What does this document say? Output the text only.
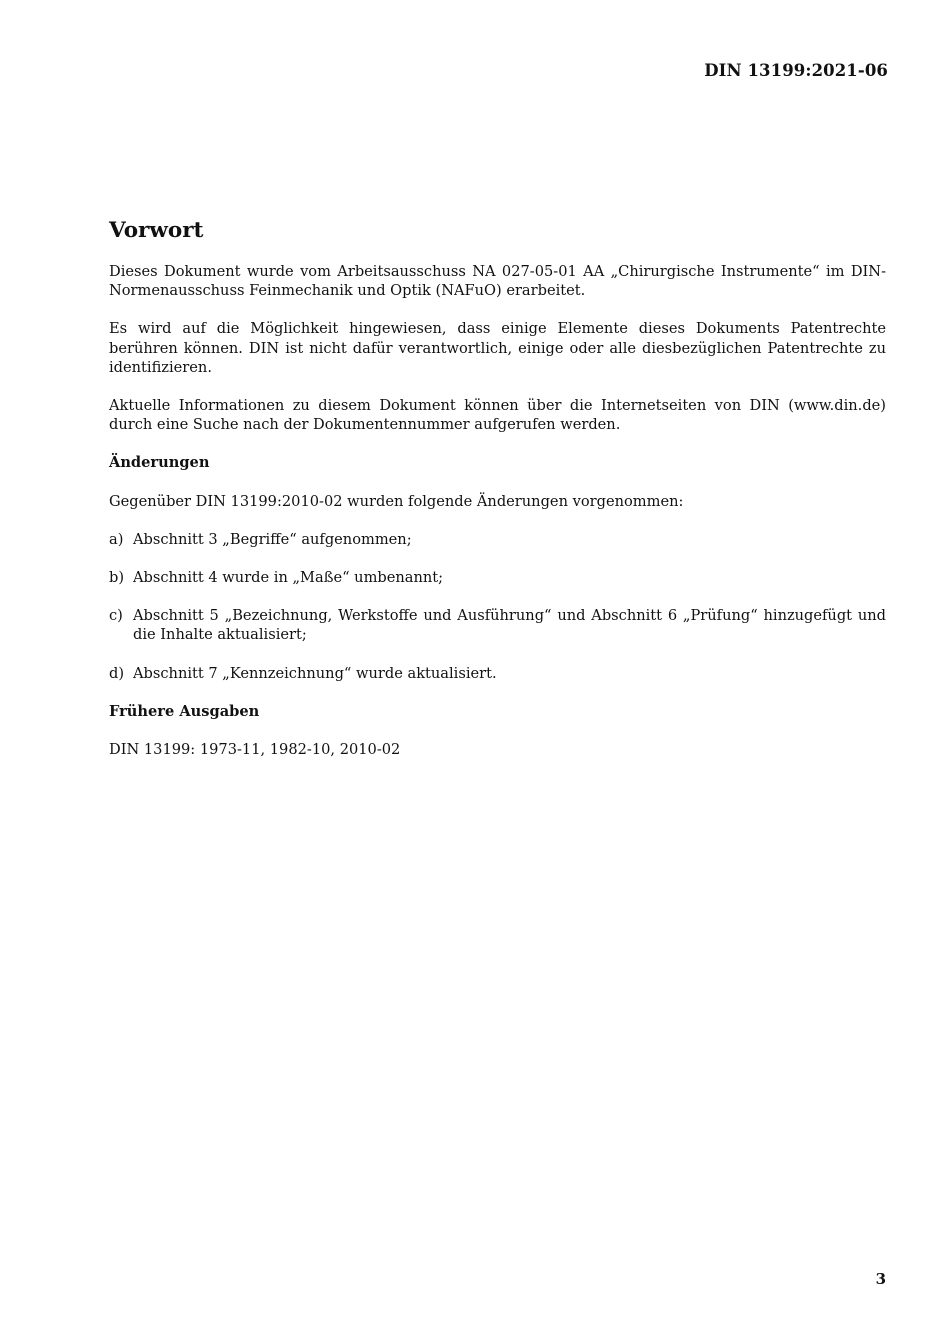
DIN 13199:2021-06
Vorwort

Dieses Dokument wurde vom Arbeitsausschuss NA 027-05-01 AA „Chirurgische Instrumente“ im DIN-Normenausschuss Feinmechanik und Optik (NAFuO) erarbeitet.

Es wird auf die Möglichkeit hingewiesen, dass einige Elemente dieses Dokuments Patentrechte berühren können. DIN ist nicht dafür verantwortlich, einige oder alle diesbezüglichen Patentrechte zu identifizieren.

Aktuelle Informationen zu diesem Dokument können über die Internetseiten von DIN (www.din.de) durch eine Suche nach der Dokumentennummer aufgerufen werden.

Änderungen

Gegenüber DIN 13199:2010-02 wurden folgende Änderungen vorgenommen:

a) Abschnitt 3 „Begriffe“ aufgenommen;
b) Abschnitt 4 wurde in „Maße“ umbenannt;
c) Abschnitt 5 „Bezeichnung, Werkstoffe und Ausführung“ und Abschnitt 6 „Prüfung“ hinzugefügt und die Inhalte aktualisiert;
d) Abschnitt 7 „Kennzeichnung“ wurde aktualisiert.
Frühere Ausgaben

DIN 13199: 1973-11, 1982-10, 2010-02

3
